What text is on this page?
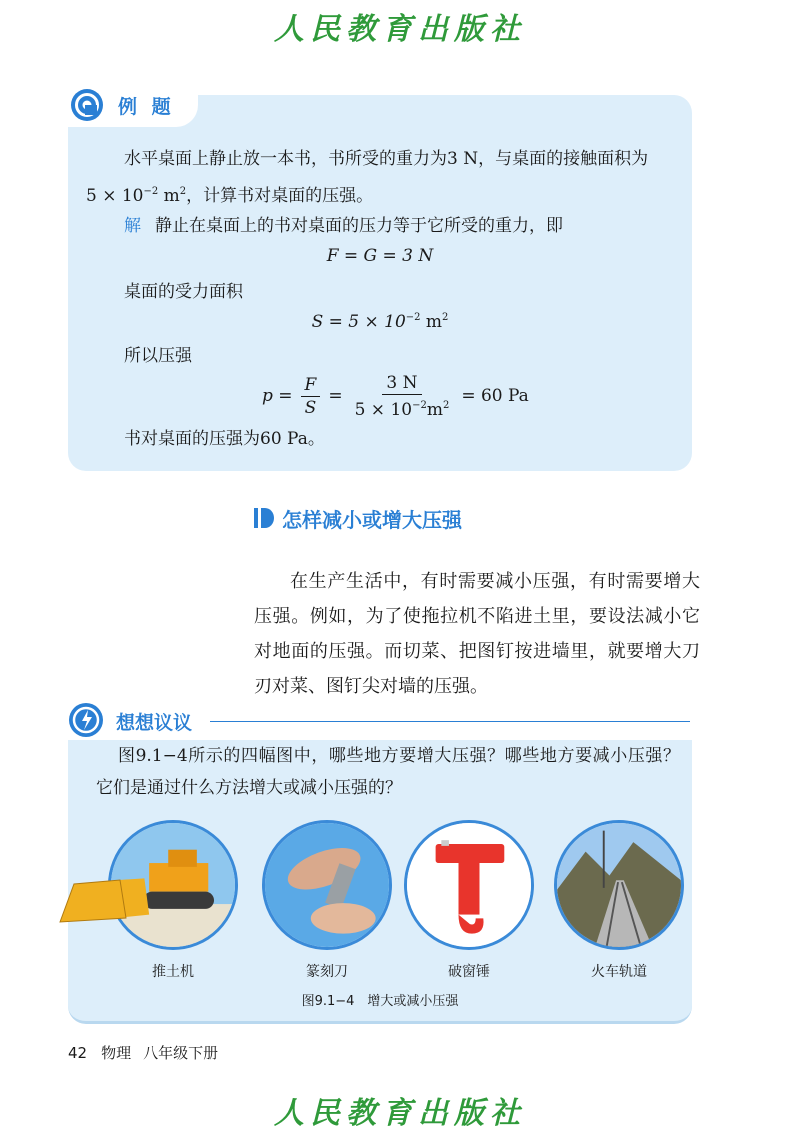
人民教育出版社
例 题
水平桌面上静止放一本书，书所受的重力为3 N，与桌面的接触面积为
$5 \times 10^{-2}$ $m^2$，计算书对桌面的压强。
解 静止在桌面上的书对桌面的压力等于它所受的重力，即
F = G = 3 N
桌面的受力面积
$S = 5 \times 10^{-2}$ $m^2$
所以压强
$p = \frac{F}{S} = \frac{3 N}{5 \times 10^{-2}m^2} = 60$ Pa
书对桌面的压强为60 Pa。
怎样减小或增大压强
在生产生活中，有时需要减小压强，有时需要增大压强。例如，为了使拖拉机不陷进土里，要设法减小它对地面的压强。而切菜、把图钉按进墙里，就要增大刀刃对菜、图钉尖对墙的压强。
想想议议
图9.1−4所示的四幅图中，哪些地方要增大压强？哪些地方要减小压强？它们是通过什么方法增大或减小压强的？
推土机	篆刻刀	破窗锤	火车轨道
图9.1−4　增大或减小压强
42 物理 八年级下册
人民教育出版社
